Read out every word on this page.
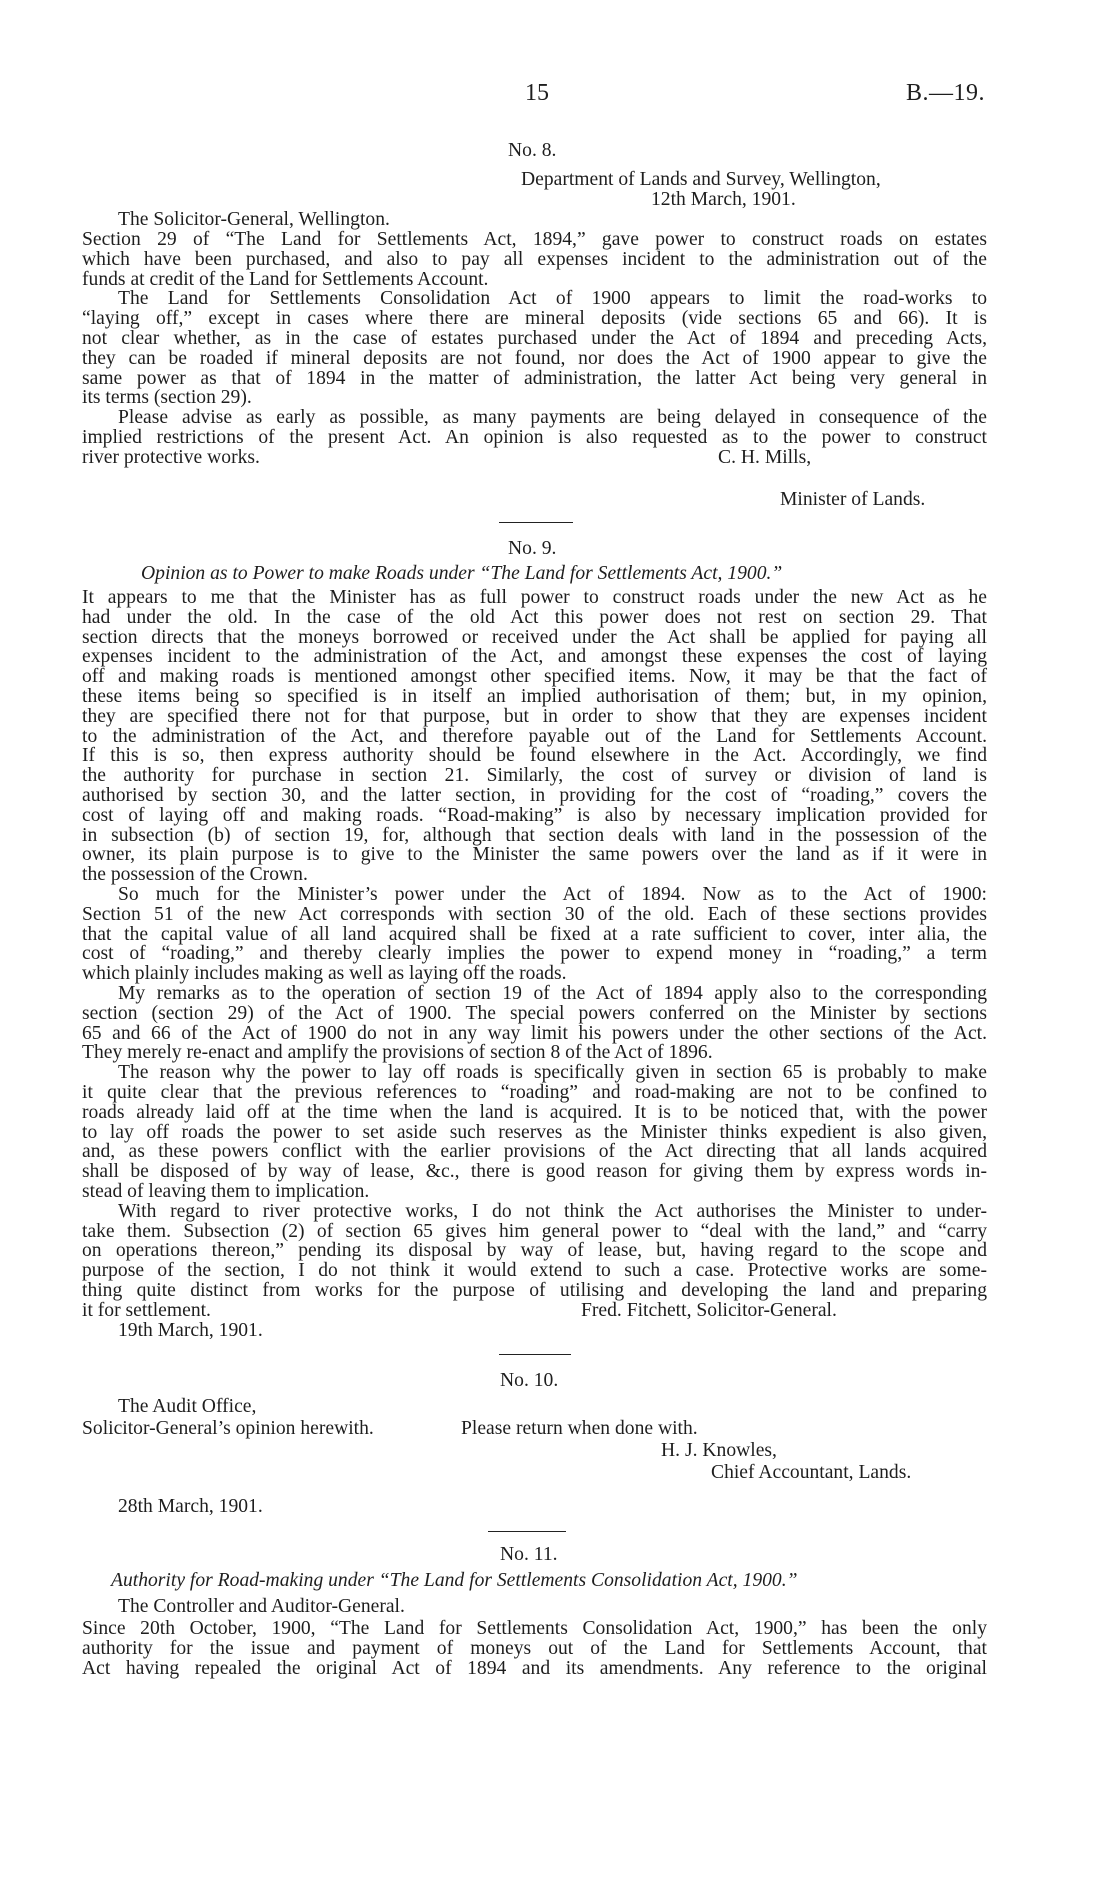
15	B.—19.
No. 8.
Department of Lands and Survey, Wellington,
12th March, 1901.
The Solicitor-General, Wellington.
Section 29 of “The Land for Settlements Act, 1894,” gave power to construct roads on estates
which have been purchased, and also to pay all expenses incident to the administration out of the
funds at credit of the Land for Settlements Account.
The Land for Settlements Consolidation Act of 1900 appears to limit the road-works to
“laying off,” except in cases where there are mineral deposits (vide sections 65 and 66). It is
not clear whether, as in the case of estates purchased under the Act of 1894 and preceding Acts,
they can be roaded if mineral deposits are not found, nor does the Act of 1900 appear to give the
same power as that of 1894 in the matter of administration, the latter Act being very general in
its terms (section 29).
Please advise as early as possible, as many payments are being delayed in consequence of the
implied restrictions of the present Act. An opinion is also requested as to the power to construct
river protective works.	C. H. Mills,
Minister of Lands.
No. 9.
Opinion as to Power to make Roads under “The Land for Settlements Act, 1900.”
It appears to me that the Minister has as full power to construct roads under the new Act as he
had under the old. In the case of the old Act this power does not rest on section 29. That
section directs that the moneys borrowed or received under the Act shall be applied for paying all
expenses incident to the administration of the Act, and amongst these expenses the cost of laying
off and making roads is mentioned amongst other specified items. Now, it may be that the fact of
these items being so specified is in itself an implied authorisation of them; but, in my opinion,
they are specified there not for that purpose, but in order to show that they are expenses incident
to the administration of the Act, and therefore payable out of the Land for Settlements Account.
If this is so, then express authority should be found elsewhere in the Act. Accordingly, we find
the authority for purchase in section 21. Similarly, the cost of survey or division of land is
authorised by section 30, and the latter section, in providing for the cost of “roading,” covers the
cost of laying off and making roads. “Road-making” is also by necessary implication provided for
in subsection (b) of section 19, for, although that section deals with land in the possession of the
owner, its plain purpose is to give to the Minister the same powers over the land as if it were in
the possession of the Crown.
So much for the Minister’s power under the Act of 1894. Now as to the Act of 1900:
Section 51 of the new Act corresponds with section 30 of the old. Each of these sections provides
that the capital value of all land acquired shall be fixed at a rate sufficient to cover, inter alia, the
cost of “roading,” and thereby clearly implies the power to expend money in “roading,” a term
which plainly includes making as well as laying off the roads.
My remarks as to the operation of section 19 of the Act of 1894 apply also to the corresponding
section (section 29) of the Act of 1900. The special powers conferred on the Minister by sections
65 and 66 of the Act of 1900 do not in any way limit his powers under the other sections of the Act.
They merely re-enact and amplify the provisions of section 8 of the Act of 1896.
The reason why the power to lay off roads is specifically given in section 65 is probably to make
it quite clear that the previous references to “roading” and road-making are not to be confined to
roads already laid off at the time when the land is acquired. It is to be noticed that, with the power
to lay off roads the power to set aside such reserves as the Minister thinks expedient is also given,
and, as these powers conflict with the earlier provisions of the Act directing that all lands acquired
shall be disposed of by way of lease, &c., there is good reason for giving them by express words in-
stead of leaving them to implication.
With regard to river protective works, I do not think the Act authorises the Minister to under-
take them. Subsection (2) of section 65 gives him general power to “deal with the land,” and “carry
on operations thereon,” pending its disposal by way of lease, but, having regard to the scope and
purpose of the section, I do not think it would extend to such a case. Protective works are some-
thing quite distinct from works for the purpose of utilising and developing the land and preparing
it for settlement.	Fred. Fitchett, Solicitor-General.
19th March, 1901.
No. 10.
The Audit Office,
Solicitor-General’s opinion herewith.	Please return when done with.
H. J. Knowles,
Chief Accountant, Lands.
28th March, 1901.
No. 11.
Authority for Road-making under “The Land for Settlements Consolidation Act, 1900.”
The Controller and Auditor-General.
Since 20th October, 1900, “The Land for Settlements Consolidation Act, 1900,” has been the only
authority for the issue and payment of moneys out of the Land for Settlements Account, that
Act having repealed the original Act of 1894 and its amendments. Any reference to the original
